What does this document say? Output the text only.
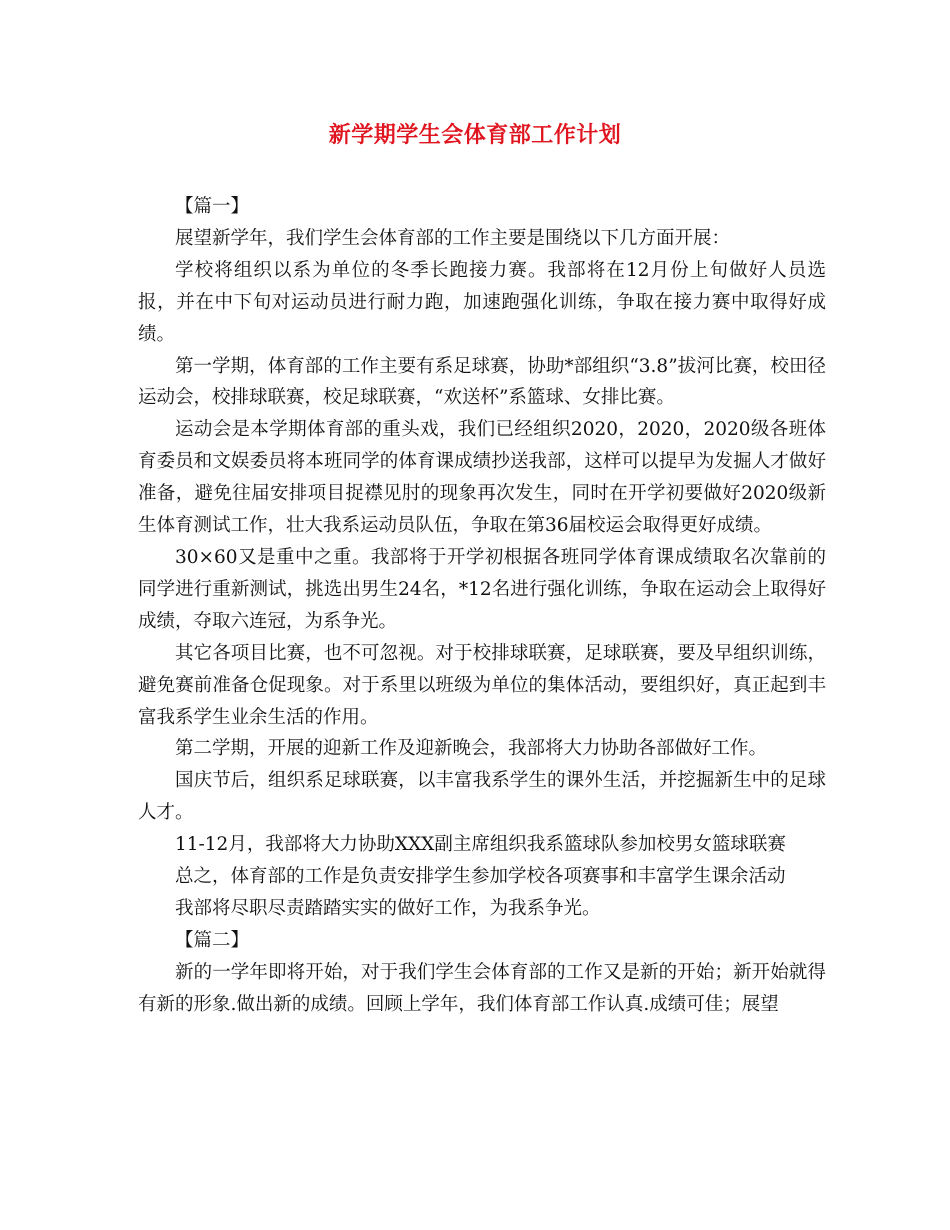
新学期学生会体育部工作计划

【篇一】

展望新学年，我们学生会体育部的工作主要是围绕以下几方面开展：

学校将组织以系为单位的冬季长跑接力赛。我部将在12月份上旬做好人员选报，并在中下旬对运动员进行耐力跑，加速跑强化训练，争取在接力赛中取得好成绩。

第一学期，体育部的工作主要有系足球赛，协助*部组织“3.8”拔河比赛，校田径运动会，校排球联赛，校足球联赛，“欢送杯”系篮球、女排比赛。

运动会是本学期体育部的重头戏，我们已经组织2020，2020，2020级各班体育委员和文娱委员将本班同学的体育课成绩抄送我部，这样可以提早为发掘人才做好准备，避免往届安排项目捉襟见肘的现象再次发生，同时在开学初要做好2020级新生体育测试工作，壮大我系运动员队伍，争取在第36届校运会取得更好成绩。

30×60又是重中之重。我部将于开学初根据各班同学体育课成绩取名次靠前的同学进行重新测试，挑选出男生24名，*12名进行强化训练，争取在运动会上取得好成绩，夺取六连冠，为系争光。

其它各项目比赛，也不可忽视。对于校排球联赛，足球联赛，要及早组织训练，避免赛前准备仓促现象。对于系里以班级为单位的集体活动，要组织好，真正起到丰富我系学生业余生活的作用。

第二学期，开展的迎新工作及迎新晚会，我部将大力协助各部做好工作。

国庆节后，组织系足球联赛，以丰富我系学生的课外生活，并挖掘新生中的足球人才。

11-12月，我部将大力协助XXX副主席组织我系篮球队参加校男女篮球联赛

总之，体育部的工作是负责安排学生参加学校各项赛事和丰富学生课余活动

我部将尽职尽责踏踏实实的做好工作，为我系争光。

【篇二】

新的一学年即将开始，对于我们学生会体育部的工作又是新的开始；新开始就得有新的形象.做出新的成绩。回顾上学年，我们体育部工作认真.成绩可佳；展望
